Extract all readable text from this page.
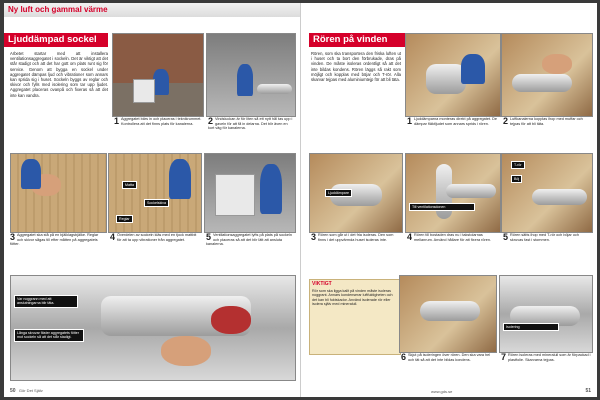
Ny luft och gammal värme
Ljuddämpad sockel
Arbetet startar med att installera ventilationsaggregatet i sockeln. Det är viktigt att det står stadigt och att det har gott om plats runt sig för service. Genom att bygga en sockel under aggregatet dämpas ljud och vibrationer som annars kan sprida sig i huset. Sockeln byggs av reglar och skivor och fylls med isolering som tar upp ljudet. Aggregatet placeras ovanpå och fixeras så att det inte kan vandra.
1 Aggregatet bärs in och placeras i teknikrummet. Kontrollera att det finns plats för kanalerna.	2 Vindsluckan är för liten så ett nytt hål tas upp i gaveln för att få in delarna. Det blir även en kort väg för kanalerna.
3 Aggregatet ska stå på en bjälklagsbjälke. Reglar och skivor sågas till efter måtten på aggregatets fötter.
Matta
Sockelskiva
Reglar
4 Överdelen av sockeln kläs med en tjock mattbit för att ta upp vibrationer från aggregatet.	5 Ventilationsaggregatet lyfts på plats på sockeln och placeras så att det blir lätt att ansluta kanalerna.
Var noggrann med att anslutningarna blir täta.
Långa skruvar fäster aggregatets fötter mot sockeln så att det står stadigt.
50 Gör Det Själv
Rören på vinden
Rören, som ska transportera den friska luften ut i huset och ta bort den förbrukade, dras på vinden. De måste isoleras ordentligt så att det inte bildas kondens. Rören läggs så rakt som möjligt och kopplas med böjar och T-rör. Alla skarvar tejpas med aluminiumtejp för att bli täta.
1 Ljuddämparna monteras direkt på aggregatet. De dämpar fläktljudet som annars sprids i rören.	2 Luftkanalerna kopplas ihop med muffar och tejpas för att bli täta.
Ljuddämpare
3 Rören som går ut i det fria isoleras. Den som finns i det uppvärmda huset isoleras inte.
Till ventilationsdonen
4 Rören till bostaden dras nu i takstolarnas mellanrum. Använd hållare för att fixera rören.
T-rör
Böj
5 Rören sätts ihop med T-rör och böjar och skruvas fast i stommen.
VIKTIGT
Rör som ska ligga kallt på vinden måste isoleras noggrant. Annars kondenserar luftfuktigheten och det kan bli fuktskador. Använd isolerade rör eller isolera själv med mineralull.
6 Skjut på isoleringen över rören. Den ska vara hel och tät så att det inte bildas kondens.
Isolering
7 Rören isoleras med mineralull som är förpackad i plastfolie. Skarvarna tejpas.
www.gds.se	51
